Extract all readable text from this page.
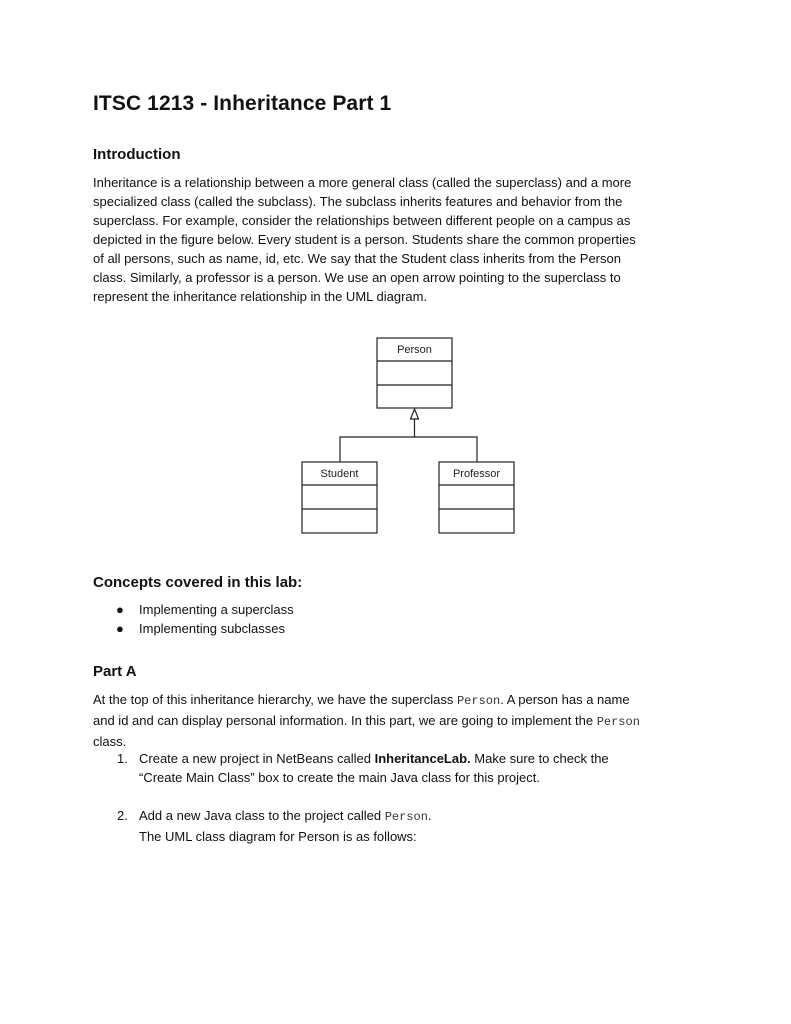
ITSC 1213 - Inheritance Part 1
Introduction
Inheritance is a relationship between a more general class (called the superclass) and a more
specialized class (called the subclass). The subclass inherits features and behavior from the
superclass. For example, consider the relationships between different people on a campus as
depicted in the figure below. Every student is a person. Students share the common properties
of all persons, such as name, id, etc. We say that the Student class inherits from the Person
class. Similarly, a professor is a person. We use an open arrow pointing to the superclass to
represent the inheritance relationship in the UML diagram.
Person
Student	Professor
Concepts covered in this lab:
● Implementing a superclass
● Implementing subclasses
Part A
At the top of this inheritance hierarchy, we have the superclass Person. A person has a name
and id and can display personal information. In this part, we are going to implement the Person
class.
1. Create a new project in NetBeans called InheritanceLab. Make sure to check the
“Create Main Class” box to create the main Java class for this project.
2. Add a new Java class to the project called Person.
The UML class diagram for Person is as follows:
